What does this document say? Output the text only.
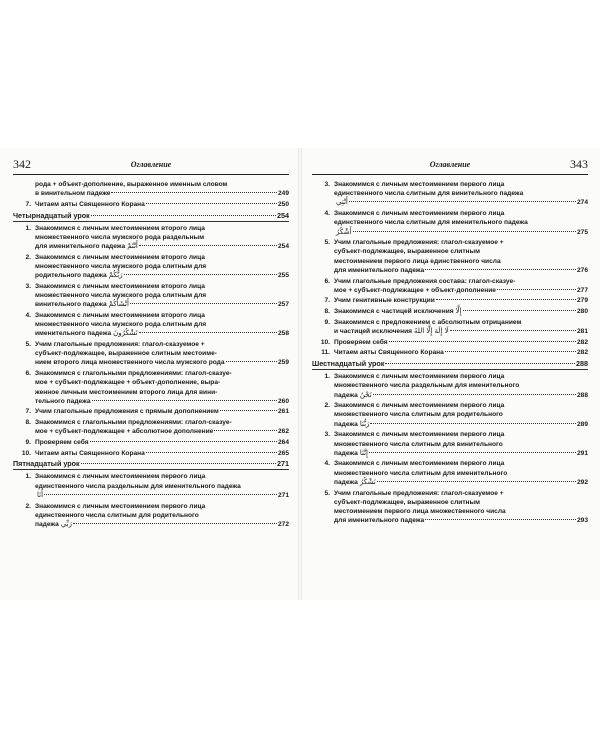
342	Оглавление
рода + объект-дополнение, выраженное именным словом
в винительном падеже	249
7. Читаем аяты Священного Корана	250
Четырнадцатый урок	254
1. Знакомимся с личным местоимением второго лица
множественного числа мужского рода раздельным
для именительного падежа أَنْتُمْ	254
2. Знакомимся с личным местоимением второго лица
множественного числа мужского рода слитным для
родительного падежа رَبُّكُمْ	255
3. Знакомимся с личным местоимением второго лица
множественного числа мужского рода слитным для
винительного падежа أَنْشَأَكُمْ	257
4. Знакомимся с личным местоимением второго лица
множественного числа мужского рода слитным для
именительного падежа تَشْكُرُونَ	258
5. Учим глагольные предложения: глагол-сказуемое +
субъект-подлежащее, выраженное слитным местоиме-
нием второго лица множественного числа мужского рода	259
6. Знакомимся с глагольными предложениями: глагол-сказуе-
мое + субъект-подлежащее + объект-дополнение, выра-
женное личным местоимением второго лица для вини-
тельного падежа	260
7. Учим глагольные предложения с прямым дополнением	261
8. Знакомимся с глагольными предложениями: глагол-сказуе-
мое + субъект-подлежащее + абсолютное дополнение	262
9. Проверяем себя	264
10. Читаем аяты Священного Корана	265
Пятнадцатый урок	271
1. Знакомимся с личным местоимением первого лица
единственного числа раздельным для именительного падежа
أَنَا	271
2. Знакомимся с личным местоимением первого лица
единственного числа слитным для родительного
падежа رَبِّي	272
Оглавление	343
3. Знакомимся с личным местоимением первого лица
единственного числа слитным для винительного падежа
أَنْتِي	274
4. Знакомимся с личным местоимением первого лица
единственного числа слитным для именительного падежа
أَشْكُرُ	275
5. Учим глагольные предложения: глагол-сказуемое +
субъект-подлежащее, выраженное слитным
местоимением первого лица единственного числа
для именительного падежа	276
6. Учим глагольные предложения состава: глагол-сказуе-
мое + субъект-подлежащее + объект-дополнение	277
7. Учим генитивные конструкции	279
8. Знакомимся с частицей исключения إِلَّا	280
9. Знакомимся с предложением с абсолютным отрицанием
и частицей исключения لَا إِلَهَ إِلَّا اللهُ	281
10. Проверяем себя	282
11. Читаем аяты Священного Корана	282
Шестнадцатый урок	288
1. Знакомимся с личным местоимением первого лица
множественного числа раздельным для именительного
падежа نَحْنُ	288
2. Знакомимся с личным местоимением первого лица
множественного числа слитным для родительного
падежа رَبُّنَا	289
3. Знакомимся с личным местоимением первого лица
множественного числа слитным для винительного
падежа إِنَّنَا	291
4. Знакомимся с личным местоимением первого лица
множественного числа слитным для именительного
падежа نَشْكُرُ	292
5. Учим глагольные предложения: глагол-сказуемое +
субъект-подлежащее, выраженное слитным
местоимением первого лица множественного числа
для именительного падежа	293
